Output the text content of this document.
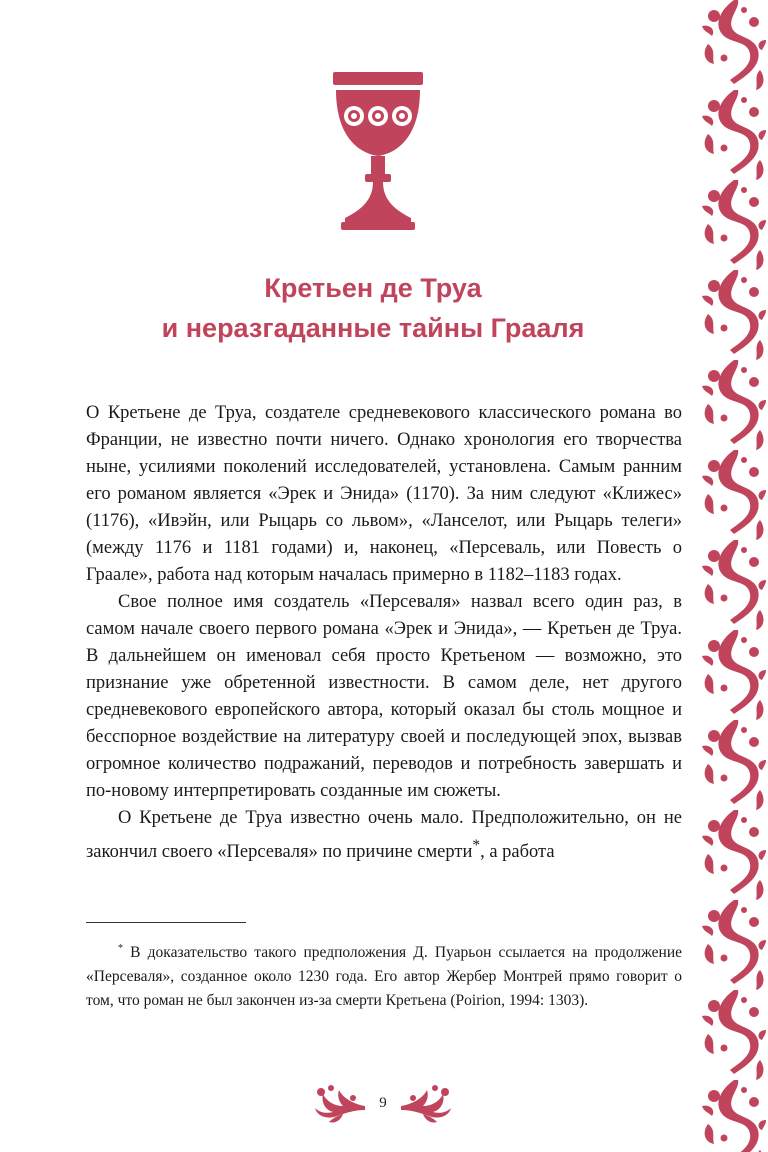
Кретьен де Труа
и неразгаданные тайны Грааля

О Кретьене де Труа, создателе средневекового классического романа во Франции, не известно почти ничего. Однако хронология его творчества ныне, усилиями поколений исследователей, установлена. Самым ранним его романом является «Эрек и Энида» (1170). За ним следуют «Клижес» (1176), «Ивэйн, или Рыцарь со львом», «Ланселот, или Рыцарь телеги» (между 1176 и 1181 годами) и, наконец, «Персеваль, или Повесть о Граале», работа над которым началась примерно в 1182–1183 годах.

Свое полное имя создатель «Персеваля» назвал всего один раз, в самом начале своего первого романа «Эрек и Энида», — Кретьен де Труа. В дальнейшем он именовал себя просто Кретьеном — возможно, это признание уже обретенной известности. В самом деле, нет другого средневекового европейского автора, который оказал бы столь мощное и бесспорное воздействие на литературу своей и последующей эпох, вызвав огромное количество подражаний, переводов и потребность завершать и по-новому интерпретировать созданные им сюжеты.

О Кретьене де Труа известно очень мало. Предположительно, он не закончил своего «Персеваля» по причине смерти*, а работа

* В доказательство такого предположения Д. Пуарьон ссылается на продолжение «Персеваля», созданное около 1230 года. Его автор Жербер Монтрей прямо говорит о том, что роман не был закончен из-за смерти Кретьена (Poirion, 1994: 1303).

9
